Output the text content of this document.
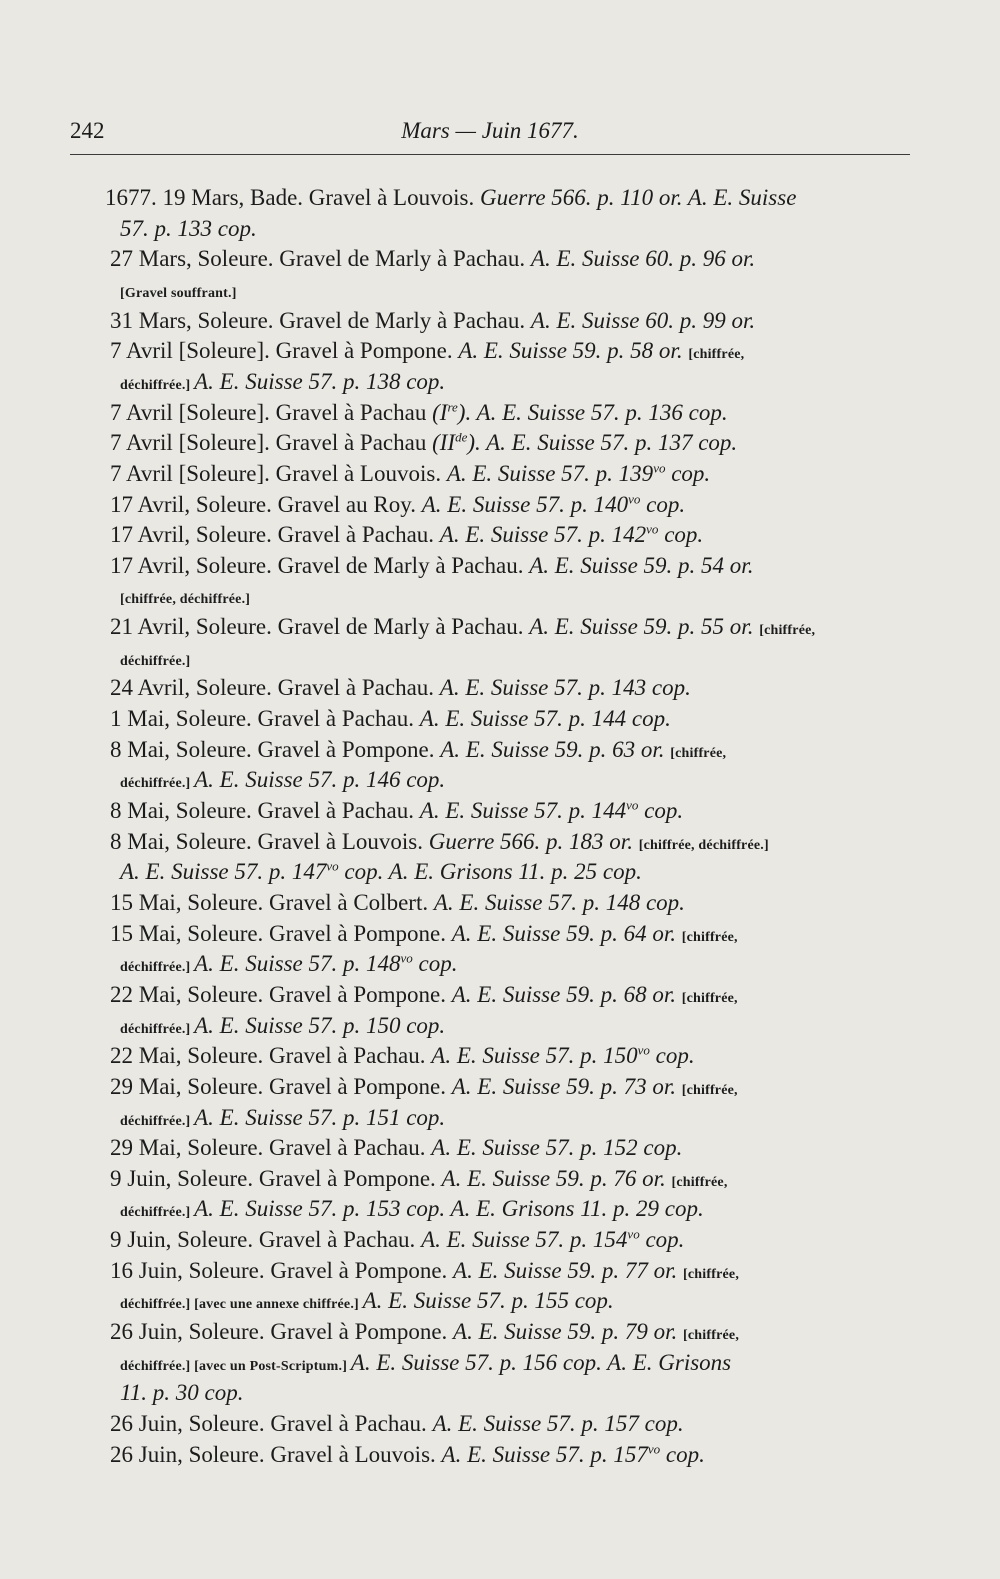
242	Mars — Juin 1677.
1677. 19 Mars, Bade. Gravel à Louvois. Guerre 566. p. 110 or. A. E. Suisse
57. p. 133 cop.
27 Mars, Soleure. Gravel de Marly à Pachau. A. E. Suisse 60. p. 96 or.
[Gravel souffrant.]
31 Mars, Soleure. Gravel de Marly à Pachau. A. E. Suisse 60. p. 99 or.
7 Avril [Soleure]. Gravel à Pompone. A. E. Suisse 59. p. 58 or. [chiffrée,
déchiffrée.] A. E. Suisse 57. p. 138 cop.
7 Avril [Soleure]. Gravel à Pachau (Ire). A. E. Suisse 57. p. 136 cop.
7 Avril [Soleure]. Gravel à Pachau (IIde). A. E. Suisse 57. p. 137 cop.
7 Avril [Soleure]. Gravel à Louvois. A. E. Suisse 57. p. $139^{vo}$ cop.
17 Avril, Soleure. Gravel au Roy. A. E. Suisse 57. p. $140^{vo}$ cop.
17 Avril, Soleure. Gravel à Pachau. A. E. Suisse 57. p. $142^{vo}$ cop.
17 Avril, Soleure. Gravel de Marly à Pachau. A. E. Suisse 59. p. 54 or.
[chiffrée, déchiffrée.]
21 Avril, Soleure. Gravel de Marly à Pachau. A. E. Suisse 59. p. 55 or. [chiffrée,
déchiffrée.]
24 Avril, Soleure. Gravel à Pachau. A. E. Suisse 57. p. 143 cop.
1 Mai, Soleure. Gravel à Pachau. A. E. Suisse 57. p. 144 cop.
8 Mai, Soleure. Gravel à Pompone. A. E. Suisse 59. p. 63 or. [chiffrée,
déchiffrée.] A. E. Suisse 57. p. 146 cop.
8 Mai, Soleure. Gravel à Pachau. A. E. Suisse 57. p. $144^{vo}$ cop.
8 Mai, Soleure. Gravel à Louvois. Guerre 566. p. 183 or. [chiffrée, déchiffrée.]
A. E. Suisse 57. p. $147^{vo}$ cop. A. E. Grisons 11. p. 25 cop.
15 Mai, Soleure. Gravel à Colbert. A. E. Suisse 57. p. 148 cop.
15 Mai, Soleure. Gravel à Pompone. A. E. Suisse 59. p. 64 or. [chiffrée,
déchiffrée.] A. E. Suisse 57. p. $148^{vo}$ cop.
22 Mai, Soleure. Gravel à Pompone. A. E. Suisse 59. p. 68 or. [chiffrée,
déchiffrée.] A. E. Suisse 57. p. 150 cop.
22 Mai, Soleure. Gravel à Pachau. A. E. Suisse 57. p. $150^{vo}$ cop.
29 Mai, Soleure. Gravel à Pompone. A. E. Suisse 59. p. 73 or. [chiffrée,
déchiffrée.] A. E. Suisse 57. p. 151 cop.
29 Mai, Soleure. Gravel à Pachau. A. E. Suisse 57. p. 152 cop.
9 Juin, Soleure. Gravel à Pompone. A. E. Suisse 59. p. 76 or. [chiffrée,
déchiffrée.] A. E. Suisse 57. p. 153 cop. A. E. Grisons 11. p. 29 cop.
9 Juin, Soleure. Gravel à Pachau. A. E. Suisse 57. p. $154^{vo}$ cop.
16 Juin, Soleure. Gravel à Pompone. A. E. Suisse 59. p. 77 or. [chiffrée,
déchiffrée.] [avec une annexe chiffrée.] A. E. Suisse 57. p. 155 cop.
26 Juin, Soleure. Gravel à Pompone. A. E. Suisse 59. p. 79 or. [chiffrée,
déchiffrée.] [avec un Post-Scriptum.] A. E. Suisse 57. p. 156 cop. A. E. Grisons
11. p. 30 cop.
26 Juin, Soleure. Gravel à Pachau. A. E. Suisse 57. p. 157 cop.
26 Juin, Soleure. Gravel à Louvois. A. E. Suisse 57. p. $157^{vo}$ cop.
